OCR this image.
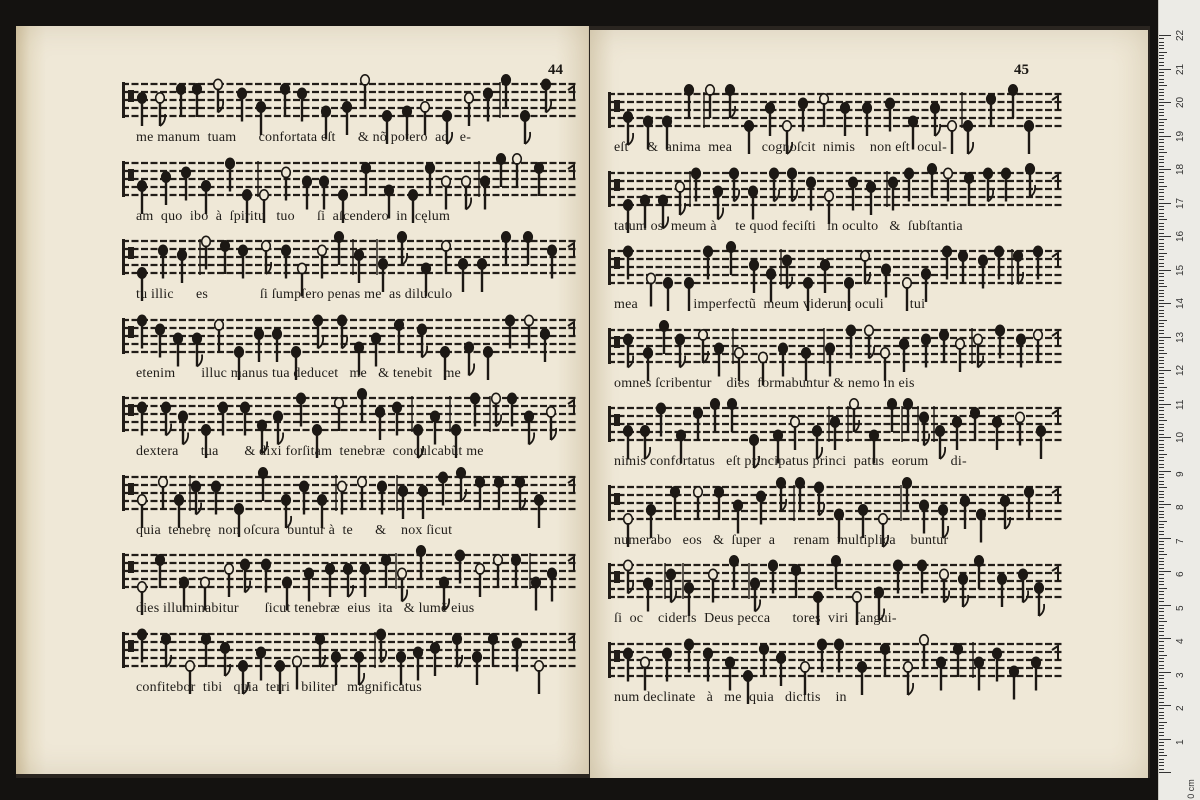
44
me manum  tuam      confortata eſt      & nõ potero  ad   e-
am  quo  ibo  à  ſpiritu   tuo      ſi  aſcendero  in  cęlum
tu illic      es              ſi ſumpſero penas me  as diluculo
etenim       illuc manus tua deducet   me   & tenebit   me
dextera      tua       & dixi forſitam  tenebræ  conculcabũt me
quia  tenebrę  non oſcura  buntur à  te      &    nox ſicut
dies illuminabitur       ſicut tenebræ  eius  ita   & lumẽ eius
confitebor  tibi   quia  terri   biliter   magnificatus
45
eſt     &  anima  mea        cognoſcit  nimis    non eſt  ocul-
tatum os  meum à     te quod feciſti   in oculto   &  ſubſtantia
mea               imperfectũ  meum viderunt oculi       tui
omnes ſcribentur    dies  formabuntur & nemo in eis
nimis confortatus   eſt principatus princi  patus  eorum      di-
numerabo   eos   &  ſuper  a     renam  multiplica    buntur
ſi  oc    cideris  Deus pecca      tores  viri  ſangui-
num declinate   à   me  quia   dicitis    in
0 cm
1
2
3
4
5
6
7
8
9
10
11
12
13
14
15
16
17
18
19
20
21
22
